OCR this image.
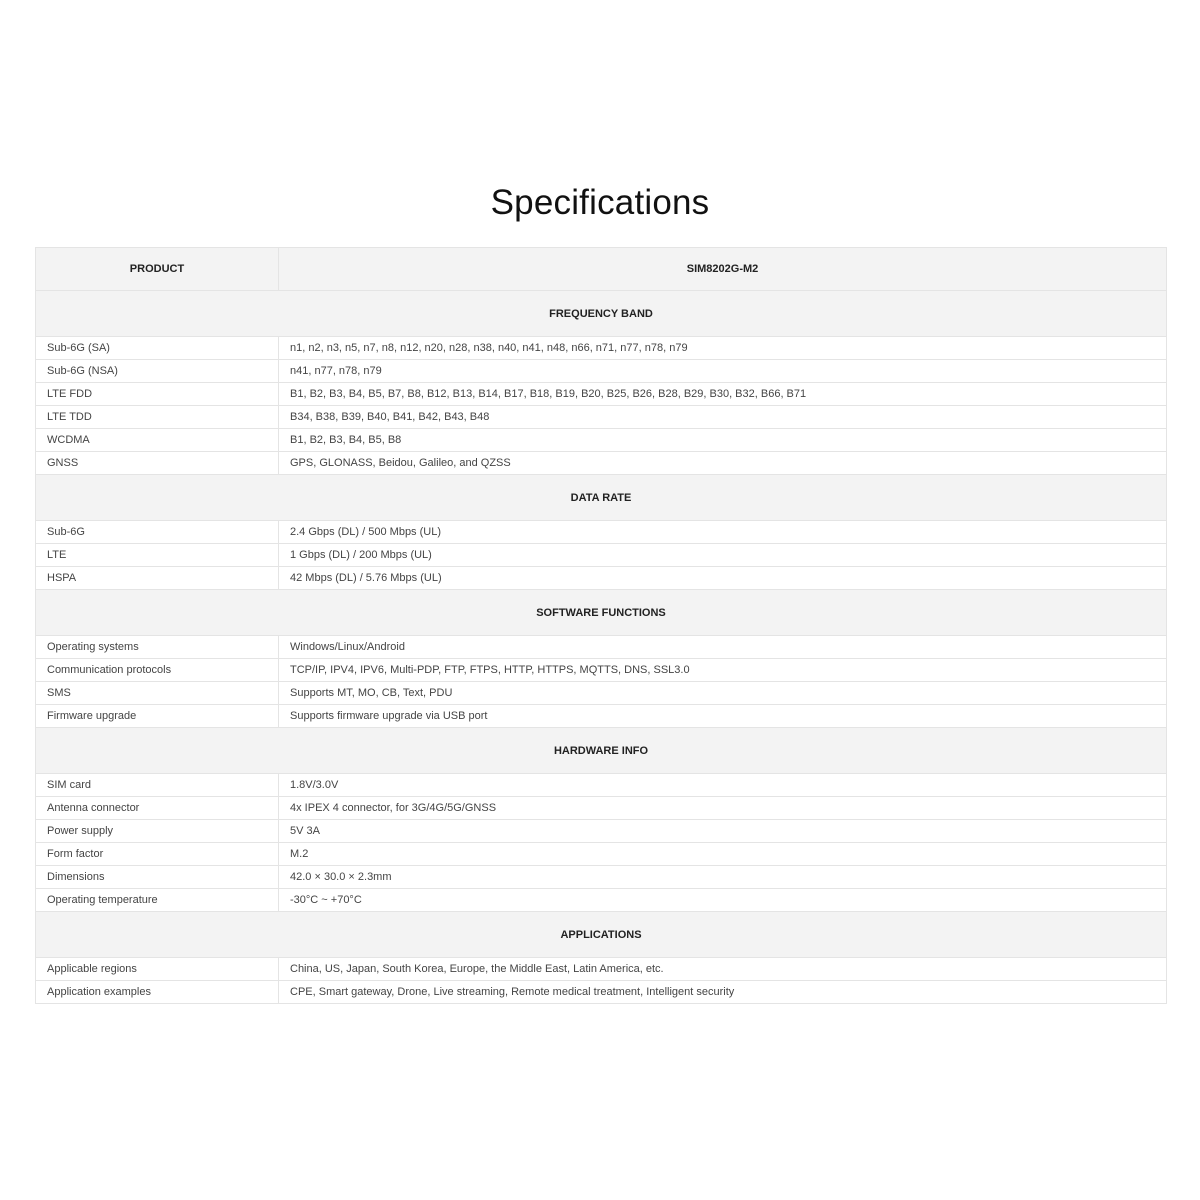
Specifications
PRODUCT	SIM8202G-M2
FREQUENCY BAND	
Sub-6G (SA)	n1, n2, n3, n5, n7, n8, n12, n20, n28, n38, n40, n41, n48, n66, n71, n77, n78, n79
Sub-6G (NSA)	n41, n77, n78, n79
LTE FDD	B1, B2, B3, B4, B5, B7, B8, B12, B13, B14, B17, B18, B19, B20, B25, B26, B28, B29, B30, B32, B66, B71
LTE TDD	B34, B38, B39, B40, B41, B42, B43, B48
WCDMA	B1, B2, B3, B4, B5, B8
GNSS	GPS, GLONASS, Beidou, Galileo, and QZSS
DATA RATE	
Sub-6G	2.4 Gbps (DL) / 500 Mbps (UL)
LTE	1 Gbps (DL) / 200 Mbps (UL)
HSPA	42 Mbps (DL) / 5.76 Mbps (UL)
SOFTWARE FUNCTIONS	
Operating systems	Windows/Linux/Android
Communication protocols	TCP/IP, IPV4, IPV6, Multi-PDP, FTP, FTPS, HTTP, HTTPS, MQTTS, DNS, SSL3.0
SMS	Supports MT, MO, CB, Text, PDU
Firmware upgrade	Supports firmware upgrade via USB port
HARDWARE INFO	
SIM card	1.8V/3.0V
Antenna connector	4x IPEX 4 connector, for 3G/4G/5G/GNSS
Power supply	5V 3A
Form factor	M.2
Dimensions	42.0 × 30.0 × 2.3mm
Operating temperature	-30°C ~ +70°C
APPLICATIONS	
Applicable regions	China, US, Japan, South Korea, Europe, the Middle East, Latin America, etc.
Application examples	CPE, Smart gateway, Drone, Live streaming, Remote medical treatment, Intelligent security
